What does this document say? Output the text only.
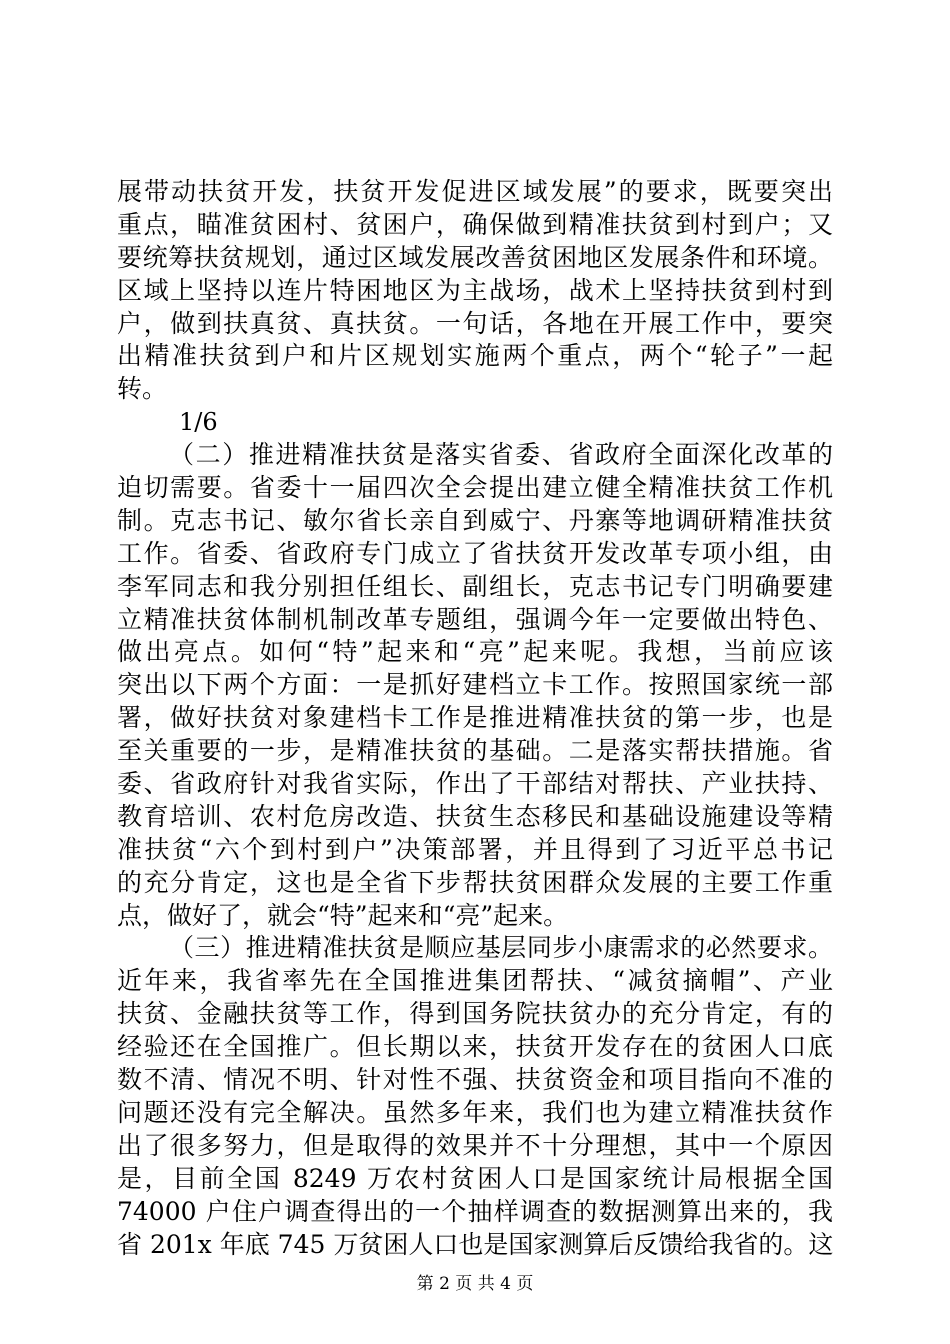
展带动扶贫开发，扶贫开发促进区域发展”的要求，既要突出
重点，瞄准贫困村、贫困户，确保做到精准扶贫到村到户；又
要统筹扶贫规划，通过区域发展改善贫困地区发展条件和环境。
区域上坚持以连片特困地区为主战场，战术上坚持扶贫到村到
户，做到扶真贫、真扶贫。一句话，各地在开展工作中，要突
出精准扶贫到户和片区规划实施两个重点，两个“轮子”一起
转。
1/6
（二）推进精准扶贫是落实省委、省政府全面深化改革的
迫切需要。省委十一届四次全会提出建立健全精准扶贫工作机
制。克志书记、敏尔省长亲自到威宁、丹寨等地调研精准扶贫
工作。省委、省政府专门成立了省扶贫开发改革专项小组，由
李军同志和我分别担任组长、副组长，克志书记专门明确要建
立精准扶贫体制机制改革专题组，强调今年一定要做出特色、
做出亮点。如何“特”起来和“亮”起来呢。我想，当前应该
突出以下两个方面：一是抓好建档立卡工作。按照国家统一部
署，做好扶贫对象建档卡工作是推进精准扶贫的第一步，也是
至关重要的一步，是精准扶贫的基础。二是落实帮扶措施。省
委、省政府针对我省实际，作出了干部结对帮扶、产业扶持、
教育培训、农村危房改造、扶贫生态移民和基础设施建设等精
准扶贫“六个到村到户”决策部署，并且得到了习近平总书记
的充分肯定，这也是全省下步帮扶贫困群众发展的主要工作重
点，做好了，就会“特”起来和“亮”起来。
（三）推进精准扶贫是顺应基层同步小康需求的必然要求。
近年来，我省率先在全国推进集团帮扶、“减贫摘帽”、产业
扶贫、金融扶贫等工作，得到国务院扶贫办的充分肯定，有的
经验还在全国推广。但长期以来，扶贫开发存在的贫困人口底
数不清、情况不明、针对性不强、扶贫资金和项目指向不准的
问题还没有完全解决。虽然多年来，我们也为建立精准扶贫作
出了很多努力，但是取得的效果并不十分理想，其中一个原因
是，目前全国 8249 万农村贫困人口是国家统计局根据全国
74000 户住户调查得出的一个抽样调查的数据测算出来的，我
省 201x 年底 745 万贫困人口也是国家测算后反馈给我省的。这
第 2 页 共 4 页
